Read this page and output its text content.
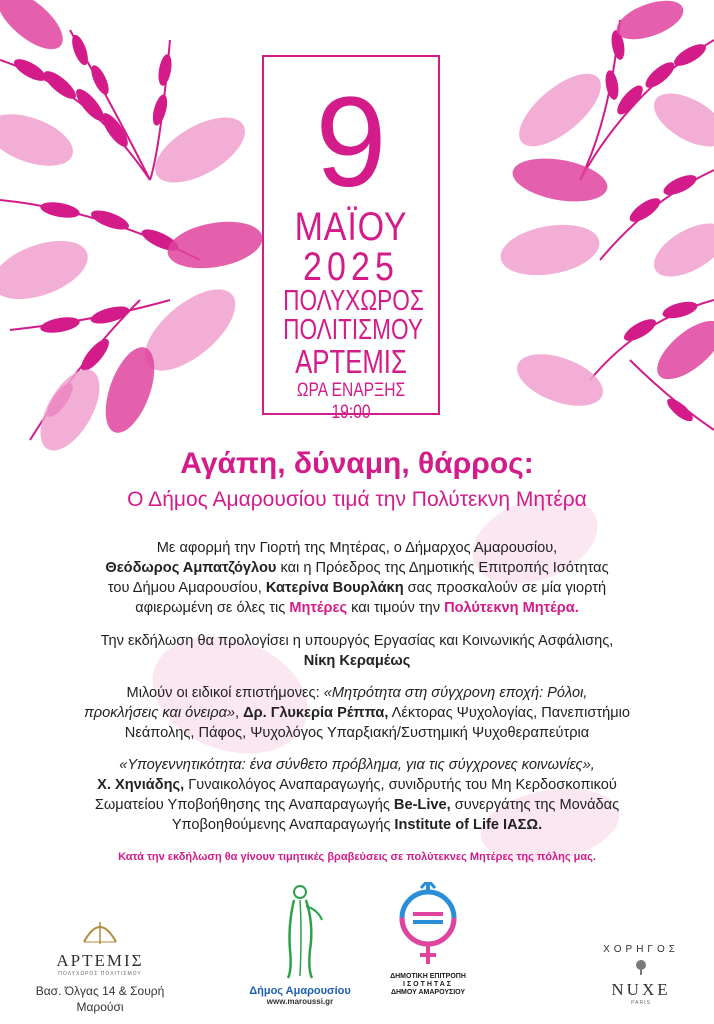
9
ΜΑΪΟΥ
2025
ΠΟΛΥΧΩΡΟΣ
ΠΟΛΙΤΙΣΜΟΥ
ΑΡΤΕΜΙΣ
ΩΡΑ ΕΝΑΡΞΗΣ 19:00
Αγάπη, δύναμη, θάρρος:
Ο Δήμος Αμαρουσίου τιμά την Πολύτεκνη Μητέρα
Με αφορμή την Γιορτή της Μητέρας, ο Δήμαρχος Αμαρουσίου,
Θεόδωρος Αμπατζόγλου και η Πρόεδρος της Δημοτικής Επιτροπής Ισότητας
του Δήμου Αμαρουσίου, Κατερίνα Βουρλάκη σας προσκαλούν σε μία γιορτή
αφιερωμένη σε όλες τις Μητέρες και τιμούν την Πολύτεκνη Μητέρα.
Την εκδήλωση θα προλογίσει η υπουργός Εργασίας και Κοινωνικής Ασφάλισης,
Νίκη Κεραμέως
Μιλούν οι ειδικοί επιστήμονες: «Μητρότητα στη σύγχρονη εποχή: Ρόλοι,
προκλήσεις και όνειρα», Δρ. Γλυκερία Ρέππα, Λέκτορας Ψυχολογίας, Πανεπιστήμιο
Νεάπολης, Πάφος, Ψυχολόγος Υπαρξιακή/Συστημική Ψυχοθεραπεύτρια
«Υπογεννητικότητα: ένα σύνθετο πρόβλημα, για τις σύγχρονες κοινωνίες»,
Χ. Χηνιάδης, Γυναικολόγος Αναπαραγωγής, συνιδρυτής του Μη Κερδοσκοπικού
Σωματείου Υποβοήθησης της Αναπαραγωγής Be-Live, συνεργάτης της Μονάδας
Υποβοηθούμενης Αναπαραγωγής Institute of Life ΙΑΣΩ.
Κατά την εκδήλωση θα γίνουν τιμητικές βραβεύσεις σε πολύτεκνες Μητέρες της πόλης μας.
ΑΡΤΕΜΙΣ
ΠΟΛΥΧΩΡΟΣ ΠΟΛΙΤΙΣΜΟΥ
Βασ. Όλγας 14 & Σουρή
Μαρούσι
Δήμος Αμαρουσίου
www.maroussi.gr
ΔΗΜΟΤΙΚΗ ΕΠΙΤΡΟΠΗ
ΙΣΟΤΗΤΑΣ
ΔΗΜΟΥ ΑΜΑΡΟΥΣΙΟΥ
ΧΟΡΗΓΟΣ
NUXE
PARIS
